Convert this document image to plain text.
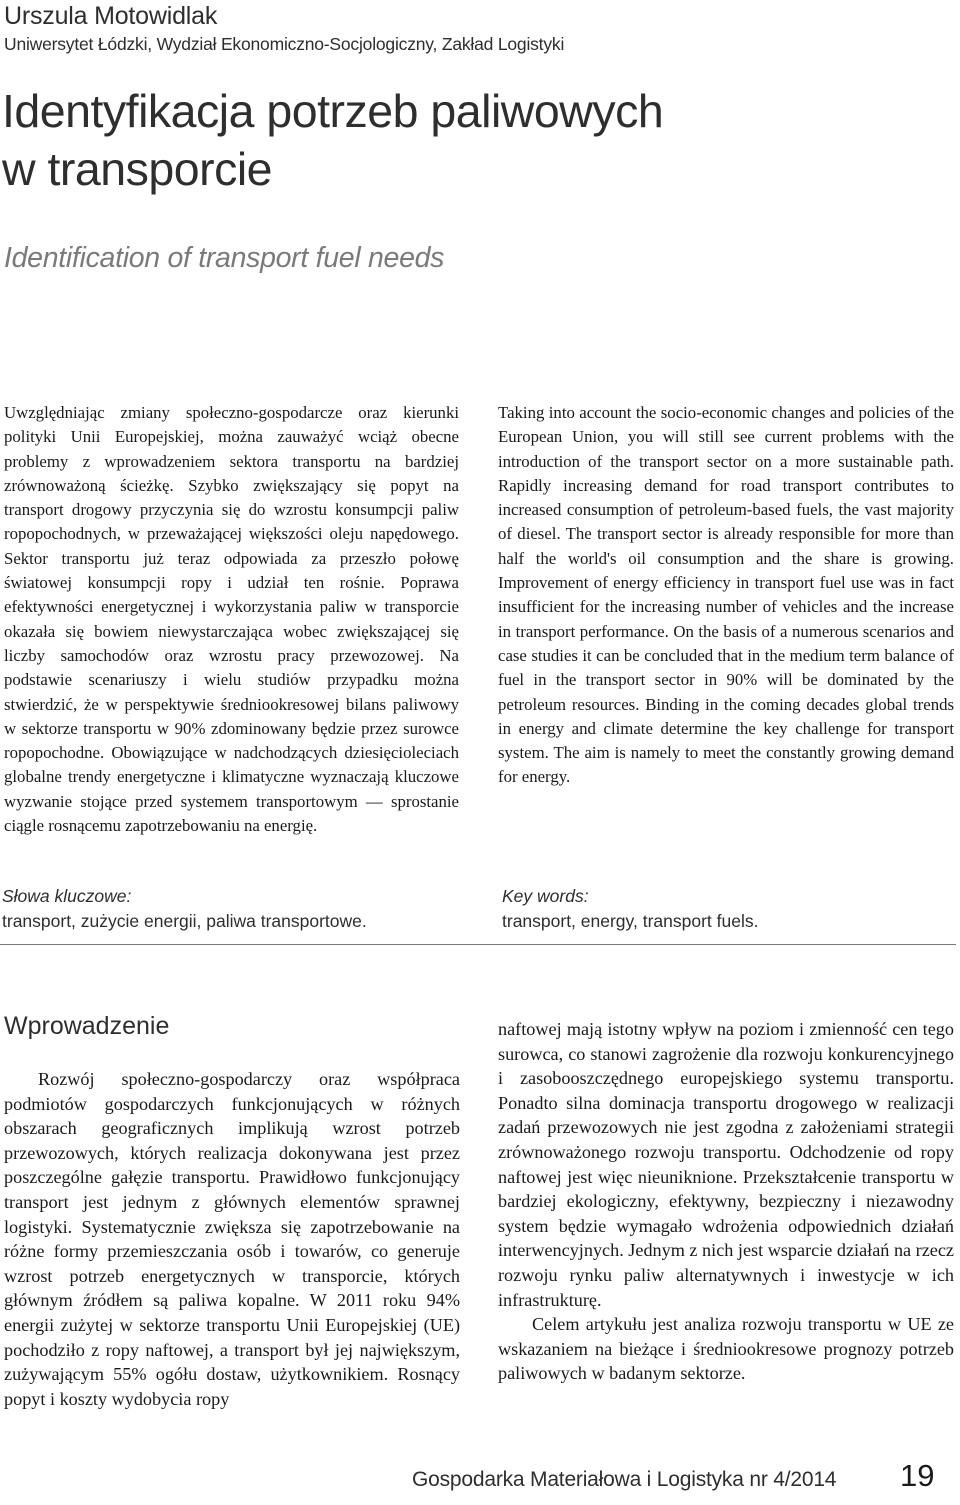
Urszula Motowidlak
Uniwersytet Łódzki, Wydział Ekonomiczno-Socjologiczny, Zakład Logistyki
Identyfikacja potrzeb paliwowych
w transporcie
Identification of transport fuel needs
Uwzględniając zmiany społeczno-gospodarcze oraz kierunki polityki Unii Europejskiej, można zauważyć wciąż obecne problemy z wprowadzeniem sektora transportu na bardziej zrównoważoną ścieżkę. Szybko zwiększający się popyt na transport drogowy przyczynia się do wzrostu konsumpcji paliw ropopochodnych, w przeważającej większości oleju napędowego. Sektor transportu już teraz odpowiada za przeszło połowę światowej konsumpcji ropy i udział ten rośnie. Poprawa efektywności energetycznej i wykorzystania paliw w transporcie okazała się bowiem niewystarczająca wobec zwiększającej się liczby samochodów oraz wzrostu pracy przewozowej. Na podstawie scenariuszy i wielu studiów przypadku można stwierdzić, że w perspektywie średniookresowej bilans paliwowy w sektorze transportu w 90% zdominowany będzie przez surowce ropopochodne. Obowiązujące w nadchodzących dziesięcioleciach globalne trendy energetyczne i klimatyczne wyznaczają kluczowe wyzwanie stojące przed systemem transportowym — sprostanie ciągle rosnącemu zapotrzebowaniu na energię.
Taking into account the socio-economic changes and policies of the European Union, you will still see current problems with the introduction of the transport sector on a more sustainable path. Rapidly increasing demand for road transport contributes to increased consumption of petroleum-based fuels, the vast majority of diesel. The transport sector is already responsible for more than half the world's oil consumption and the share is growing. Improvement of energy efficiency in transport fuel use was in fact insufficient for the increasing number of vehicles and the increase in transport performance. On the basis of a numerous scenarios and case studies it can be concluded that in the medium term balance of fuel in the transport sector in 90% will be dominated by the petroleum resources. Binding in the coming decades global trends in energy and climate determine the key challenge for transport system. The aim is namely to meet the constantly growing demand for energy.
Słowa kluczowe:
transport, zużycie energii, paliwa transportowe.
Key words:
transport, energy, transport fuels.
Wprowadzenie

Rozwój społeczno-gospodarczy oraz współpraca podmiotów gospodarczych funkcjonujących w różnych obszarach geograficznych implikują wzrost potrzeb przewozowych, których realizacja dokonywana jest przez poszczególne gałęzie transportu. Prawidłowo funkcjonujący transport jest jednym z głównych elementów sprawnej logistyki. Systematycznie zwiększa się zapotrzebowanie na różne formy przemieszczania osób i towarów, co generuje wzrost potrzeb energetycznych w transporcie, których głównym źródłem są paliwa kopalne. W 2011 roku 94% energii zużytej w sektorze transportu Unii Europejskiej (UE) pochodziło z ropy naftowej, a transport był jej największym, zużywającym 55% ogółu dostaw, użytkownikiem. Rosnący popyt i koszty wydobycia ropy

naftowej mają istotny wpływ na poziom i zmienność cen tego surowca, co stanowi zagrożenie dla rozwoju konkurencyjnego i zasobooszczędnego europejskiego systemu transportu. Ponadto silna dominacja transportu drogowego w realizacji zadań przewozowych nie jest zgodna z założeniami strategii zrównoważonego rozwoju transportu. Odchodzenie od ropy naftowej jest więc nieuniknione. Przekształcenie transportu w bardziej ekologiczny, efektywny, bezpieczny i niezawodny system będzie wymagało wdrożenia odpowiednich działań interwencyjnych. Jednym z nich jest wsparcie działań na rzecz rozwoju rynku paliw alternatywnych i inwestycje w ich infrastrukturę.

Celem artykułu jest analiza rozwoju transportu w UE ze wskazaniem na bieżące i średniookresowe prognozy potrzeb paliwowych w badanym sektorze.

Gospodarka Materiałowa i Logistyka nr 4/2014 19
